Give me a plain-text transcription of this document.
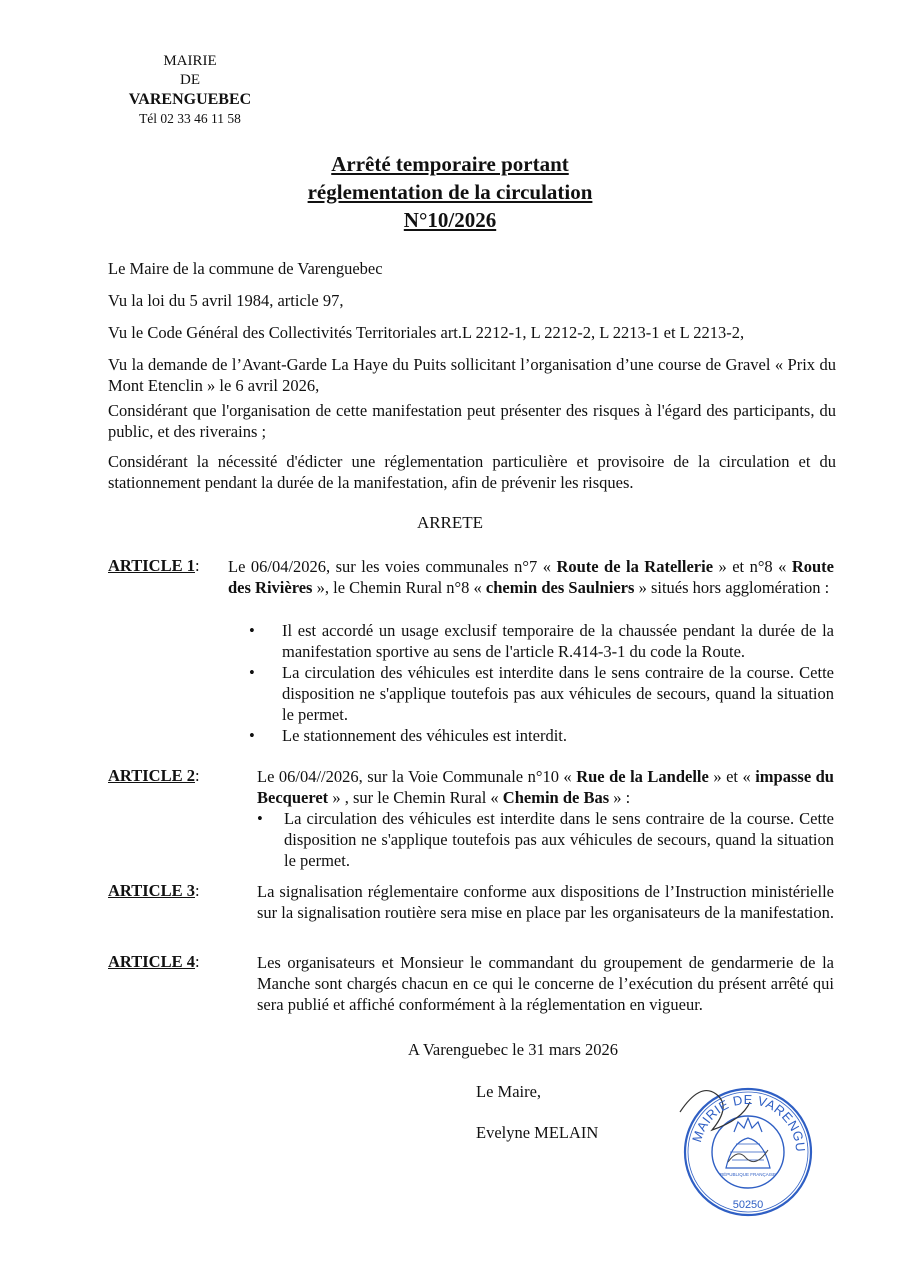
MAIRIE
DE
VARENGUEBEC
Tél 02 33 46 11 58
Arrêté temporaire portant
réglementation de la circulation
N°10/2026
Le Maire de la commune de Varenguebec
Vu la loi du 5 avril 1984, article 97,
Vu le Code Général des Collectivités Territoriales art.L 2212-1, L 2212-2, L 2213-1 et L 2213-2,
Vu la demande de l’Avant-Garde La Haye du Puits sollicitant l’organisation d’une course de Gravel « Prix du Mont Etenclin » le 6 avril 2026,
Considérant que l'organisation de cette manifestation peut présenter des risques à l'égard des participants, du public, et des riverains ;
Considérant la nécessité d'édicter une réglementation particulière et provisoire de la circulation et du stationnement pendant la durée de la manifestation, afin de prévenir les risques.
ARRETE
ARTICLE 1: Le 06/04/2026, sur les voies communales n°7 « Route de la Ratellerie » et n°8 « Route des Rivières », le Chemin Rural n°8 « chemin des Saulniers » situés hors agglomération :
• Il est accordé un usage exclusif temporaire de la chaussée pendant la durée de la manifestation sportive au sens de l'article R.414-3-1 du code la Route.
• La circulation des véhicules est interdite dans le sens contraire de la course. Cette disposition ne s'applique toutefois pas aux véhicules de secours, quand la situation le permet.
• Le stationnement des véhicules est interdit.
ARTICLE 2:	Le 06/04//2026, sur la Voie Communale n°10 « Rue de la Landelle » et « impasse du Becqueret » , sur le Chemin Rural « Chemin de Bas » :
• La circulation des véhicules est interdite dans le sens contraire de la course. Cette disposition ne s'applique toutefois pas aux véhicules de secours, quand la situation le permet.
ARTICLE 3:	La signalisation réglementaire conforme aux dispositions de l’Instruction ministérielle sur la signalisation routière sera mise en place par les organisateurs de la manifestation.
ARTICLE 4:	Les organisateurs et Monsieur le commandant du groupement de gendarmerie de la Manche sont chargés chacun en ce qui le concerne de l’exécution du présent arrêté qui sera publié et affiché conformément à la réglementation en vigueur.
A Varenguebec le 31 mars 2026
Le Maire,
Evelyne MELAIN	MAIRIE DE VARENGU
RÉPUBLIQUE FRANÇAISE
50250
